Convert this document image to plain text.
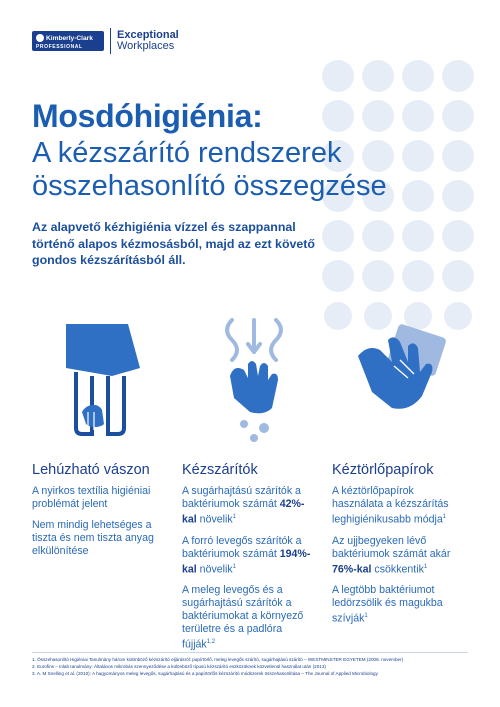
Kimberly-Clark
PROFESSIONAL
Exceptional
Workplaces
Mosdóhigiénia:
A kézszárító rendszerek összehasonlító összegzése
Az alapvető kézhigiénia vízzel és szappannal történő alapos kézmosásból, majd az ezt követő gondos kézszárításból áll.
Lehúzható vászon

A nyirkos textília higiéniai problémát jelent

Nem mindig lehetséges a tiszta és nem tiszta anyag elkülönítése

Kézszárítók

A sugárhajtású szárítók a baktériumok számát 42%-kal növelik$^1$

A forró levegős szárítók a baktériumok számát 194%-kal növelik$^1$

A meleg levegős és a sugárhajtású szárítók a baktériumokat a környező területre és a padlóra fújják$^{1,2}$

Kéztörlőpapírok

A kéztörlőpapírok használata a kézszárítás leghigiénikusabb módja$^1$

Az ujjbegyeken lévő baktériumok számát akár 76%-kal csökkentik$^1$

A legtöbb baktériumot ledörzsölik és magukba szívják$^1$

1. Összehasonlító Higiéniai Tanulmány három különböző kézszárító eljárásról: papírtörlő, meleg levegős szárító, sugárhajtású szárító – WESTMINSTER EGYETEM (2008. november)
2. Eurofins – Inlab tanulmány: Általános mikrobás szennyeződése a különböző típusú kézszárító eszközöknek közvetlenül használat után (2013)
3. A. M Snelling et al. (2010): A hagyományos meleg levegős, sugárhajtású és a papírtörlős kézszárító módszerek összehasonlítása – The Journal of Applied Microbiology
